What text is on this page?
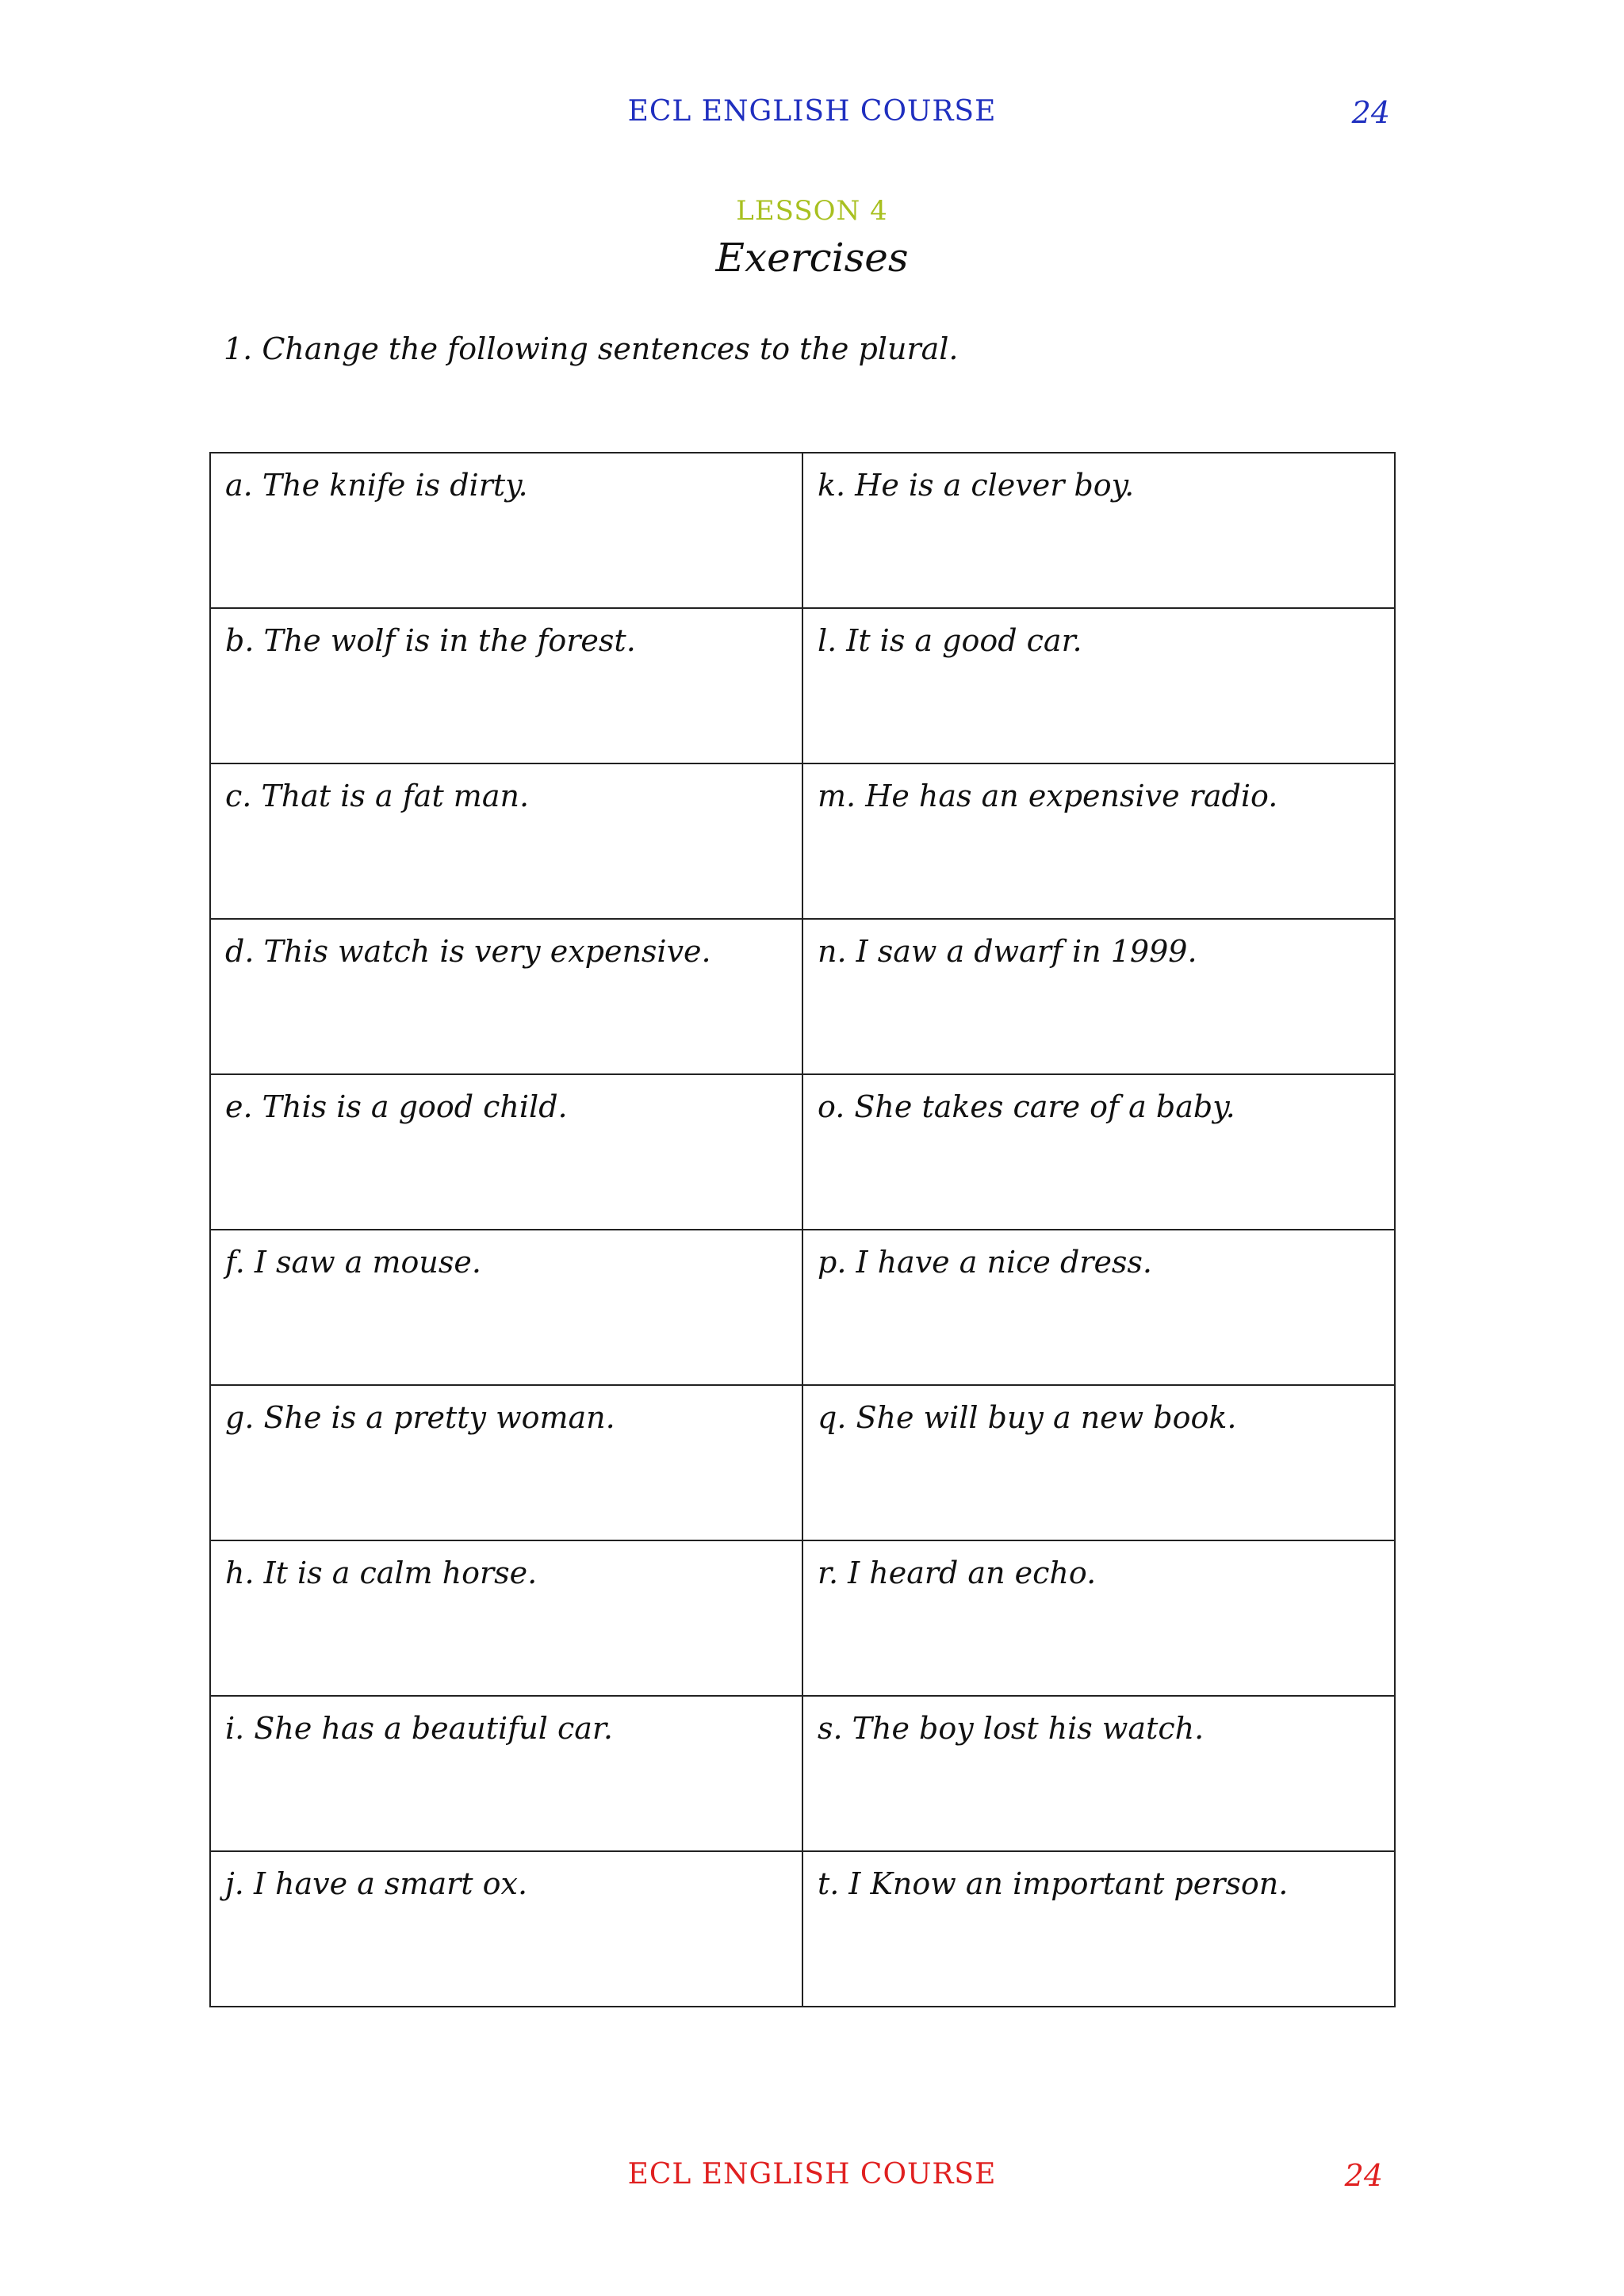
ECL ENGLISH COURSE	24
LESSON 4
Exercises
1. Change the following sentences to the plural.
a. The knife is dirty.	k. He is a clever boy.

b. The wolf is in the forest.	l. It is a good car.

c. That is a fat man.	m. He has an expensive radio.

d. This watch is very expensive.	n. I saw a dwarf in 1999.

e. This is a good child.	o. She takes care of a baby.

f. I saw a mouse.	p. I have a nice dress.

g. She is a pretty woman.	q. She will buy a new book.

h. It is a calm horse.	r. I heard an echo.

i. She has a beautiful car.	s. The boy lost his watch.

j. I have a smart ox.	t. I Know an important person.
ECL ENGLISH COURSE	24
